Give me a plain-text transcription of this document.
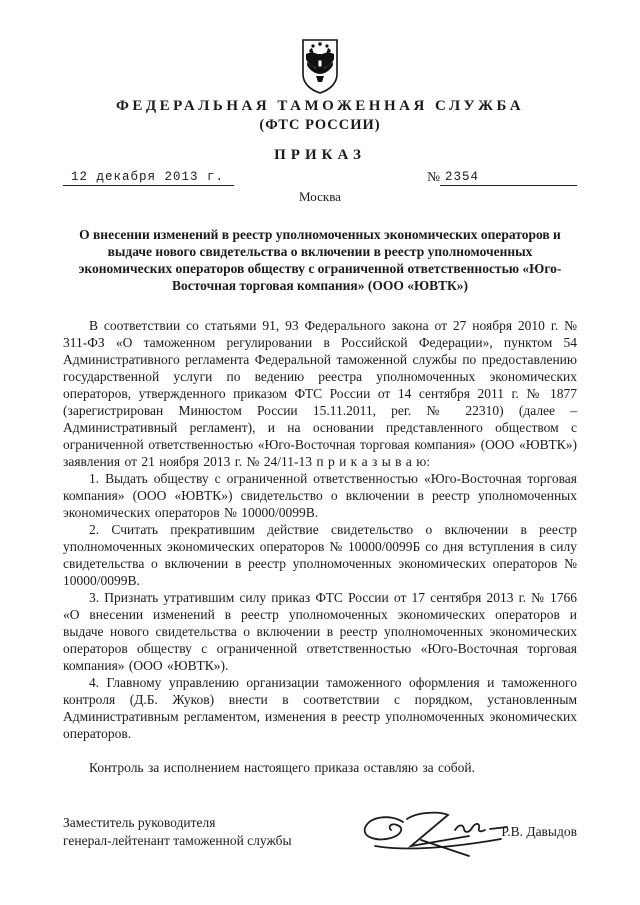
ФЕДЕРАЛЬНАЯ ТАМОЖЕННАЯ СЛУЖБА
(ФТС РОССИИ)
ПРИКАЗ
12 декабря 2013 г.	№ 2354
Москва
О внесении изменений в реестр уполномоченных экономических операторов и выдаче нового свидетельства о включении в реестр уполномоченных экономических операторов обществу с ограниченной ответственностью «Юго-Восточная торговая компания» (ООО «ЮВТК»)

В соответствии со статьями 91, 93 Федерального закона от 27 ноября 2010 г. № 311-ФЗ «О таможенном регулировании в Российской Федерации», пунктом 54 Административного регламента Федеральной таможенной службы по предоставлению государственной услуги по ведению реестра уполномоченных экономических операторов, утвержденного приказом ФТС России от 14 сентября 2011 г. № 1877 (зарегистрирован Минюстом России 15.11.2011, рег. № 22310) (далее – Административный регламент), и на основании представленного обществом с ограниченной ответственностью «Юго-Восточная торговая компания» (ООО «ЮВТК») заявления от 21 ноября 2013 г. № 24/11-13 п р и к а з ы в а ю:

1. Выдать обществу с ограниченной ответственностью «Юго-Восточная торговая компания» (ООО «ЮВТК») свидетельство о включении в реестр уполномоченных экономических операторов № 10000/0099В.

2. Считать прекратившим действие свидетельство о включении в реестр уполномоченных экономических операторов № 10000/0099Б со дня вступления в силу свидетельства о включении в реестр уполномоченных экономических операторов № 10000/0099В.

3. Признать утратившим силу приказ ФТС России от 17 сентября 2013 г. № 1766 «О внесении изменений в реестр уполномоченных экономических операторов и выдаче нового свидетельства о включении в реестр уполномоченных экономических операторов обществу с ограниченной ответственностью «Юго-Восточная торговая компания» (ООО «ЮВТК»).

4. Главному управлению организации таможенного оформления и таможенного контроля (Д.Б. Жуков) внести в соответствии с порядком, установленным Административным регламентом, изменения в реестр уполномоченных экономических операторов.

Контроль за исполнением настоящего приказа оставляю за собой.

Заместитель руководителя
генерал-лейтенант таможенной службы
Р.В. Давыдов
